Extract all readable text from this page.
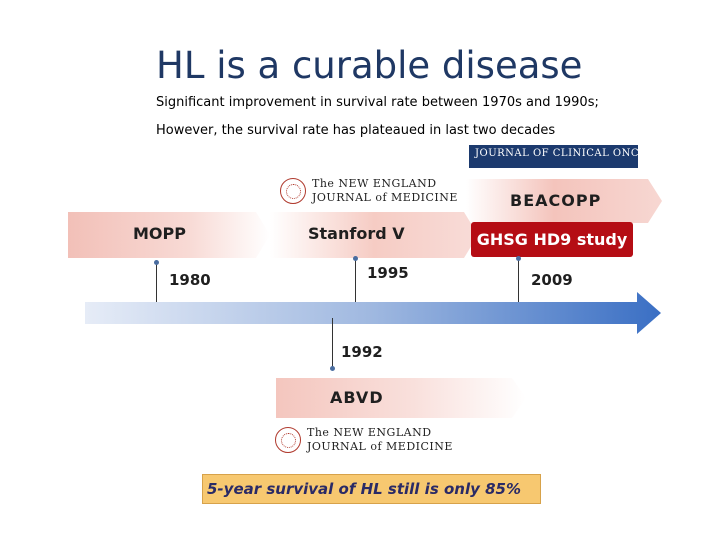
HL is a curable disease
Significant improvement in survival rate between 1970s and 1990s;
However, the survival rate has plateaued in last two decades
JOURNAL OF CLINICAL ONCOLOGY

The NEW ENGLAND
JOURNAL of MEDICINE	BEACOPP
MOPP	Stanford V	GHSG HD9 study
1980	1995	2009
1992
ABVD
The NEW ENGLAND
JOURNAL of MEDICINE
5-year survival of HL still is only 85%
